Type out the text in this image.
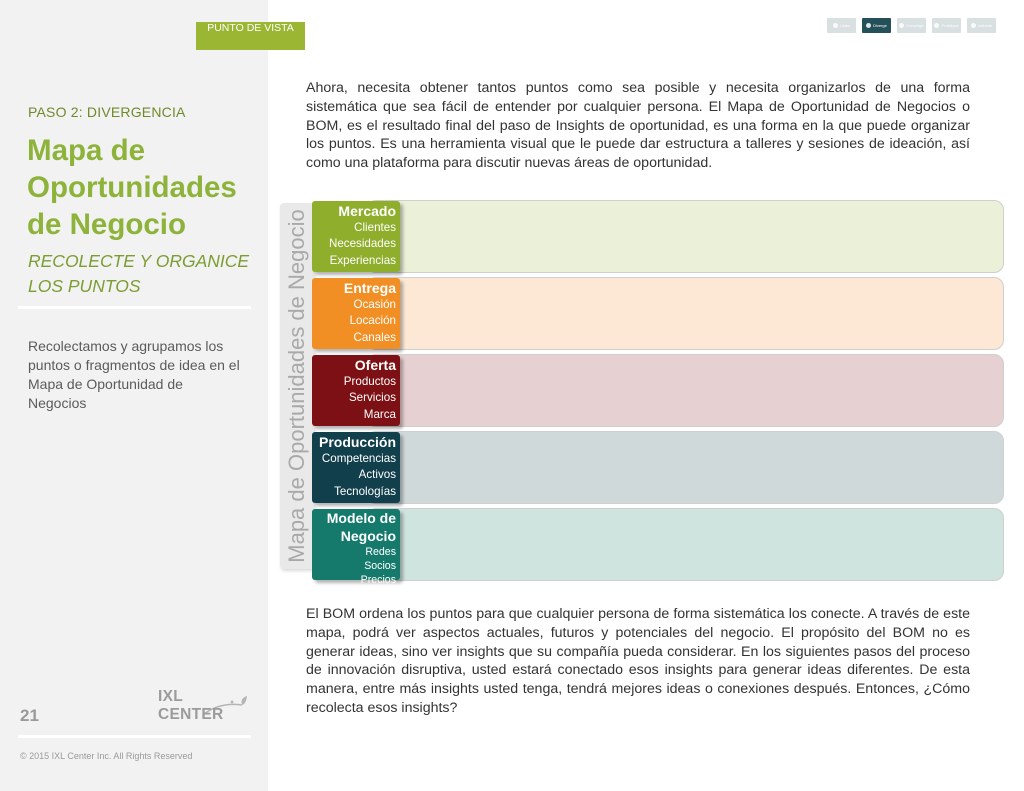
PUNTO DE VISTA	Listen	Diverge	Converge	Prototype	Validate
PASO 2: DIVERGENCIA
Mapa de Oportunidades de Negocio
RECOLECTE Y ORGANICE LOS PUNTOS
Recolectamos y agrupamos los puntos o fragmentos de idea en el Mapa de Oportunidad de Negocios
21
IXL CENTER
© 2015 IXL Center Inc. All Rights Reserved

Ahora, necesita obtener tantos puntos como sea posible y necesita organizarlos de una forma sistemática que sea fácil de entender por cualquier persona. El Mapa de Oportunidad de Negocios o BOM, es el resultado final del paso de Insights de oportunidad, es una forma en la que puede organizar los puntos. Es una herramienta visual que le puede dar estructura a talleres y sesiones de ideación, así como una plataforma para discutir nuevas áreas de oportunidad.

Mapa de Oportunidades de Negocio	Mercado
Clientes
Necesidades
Experiencias
Entrega
Ocasión
Locación
Canales
Oferta
Productos
Servicios
Marca
Producción
Competencias
Activos
Tecnologías
Modelo de Negocio
Redes
Socios
Precios

El BOM ordena los puntos para que cualquier persona de forma sistemática los conecte. A través de este mapa, podrá ver aspectos actuales, futuros y potenciales del negocio. El propósito del BOM no es generar ideas, sino ver insights que su compañía pueda considerar. En los siguientes pasos del proceso de innovación disruptiva, usted estará conectado esos insights para generar ideas diferentes. De esta manera, entre más insights usted tenga, tendrá mejores ideas o conexiones después. Entonces, ¿Cómo recolecta esos insights?
